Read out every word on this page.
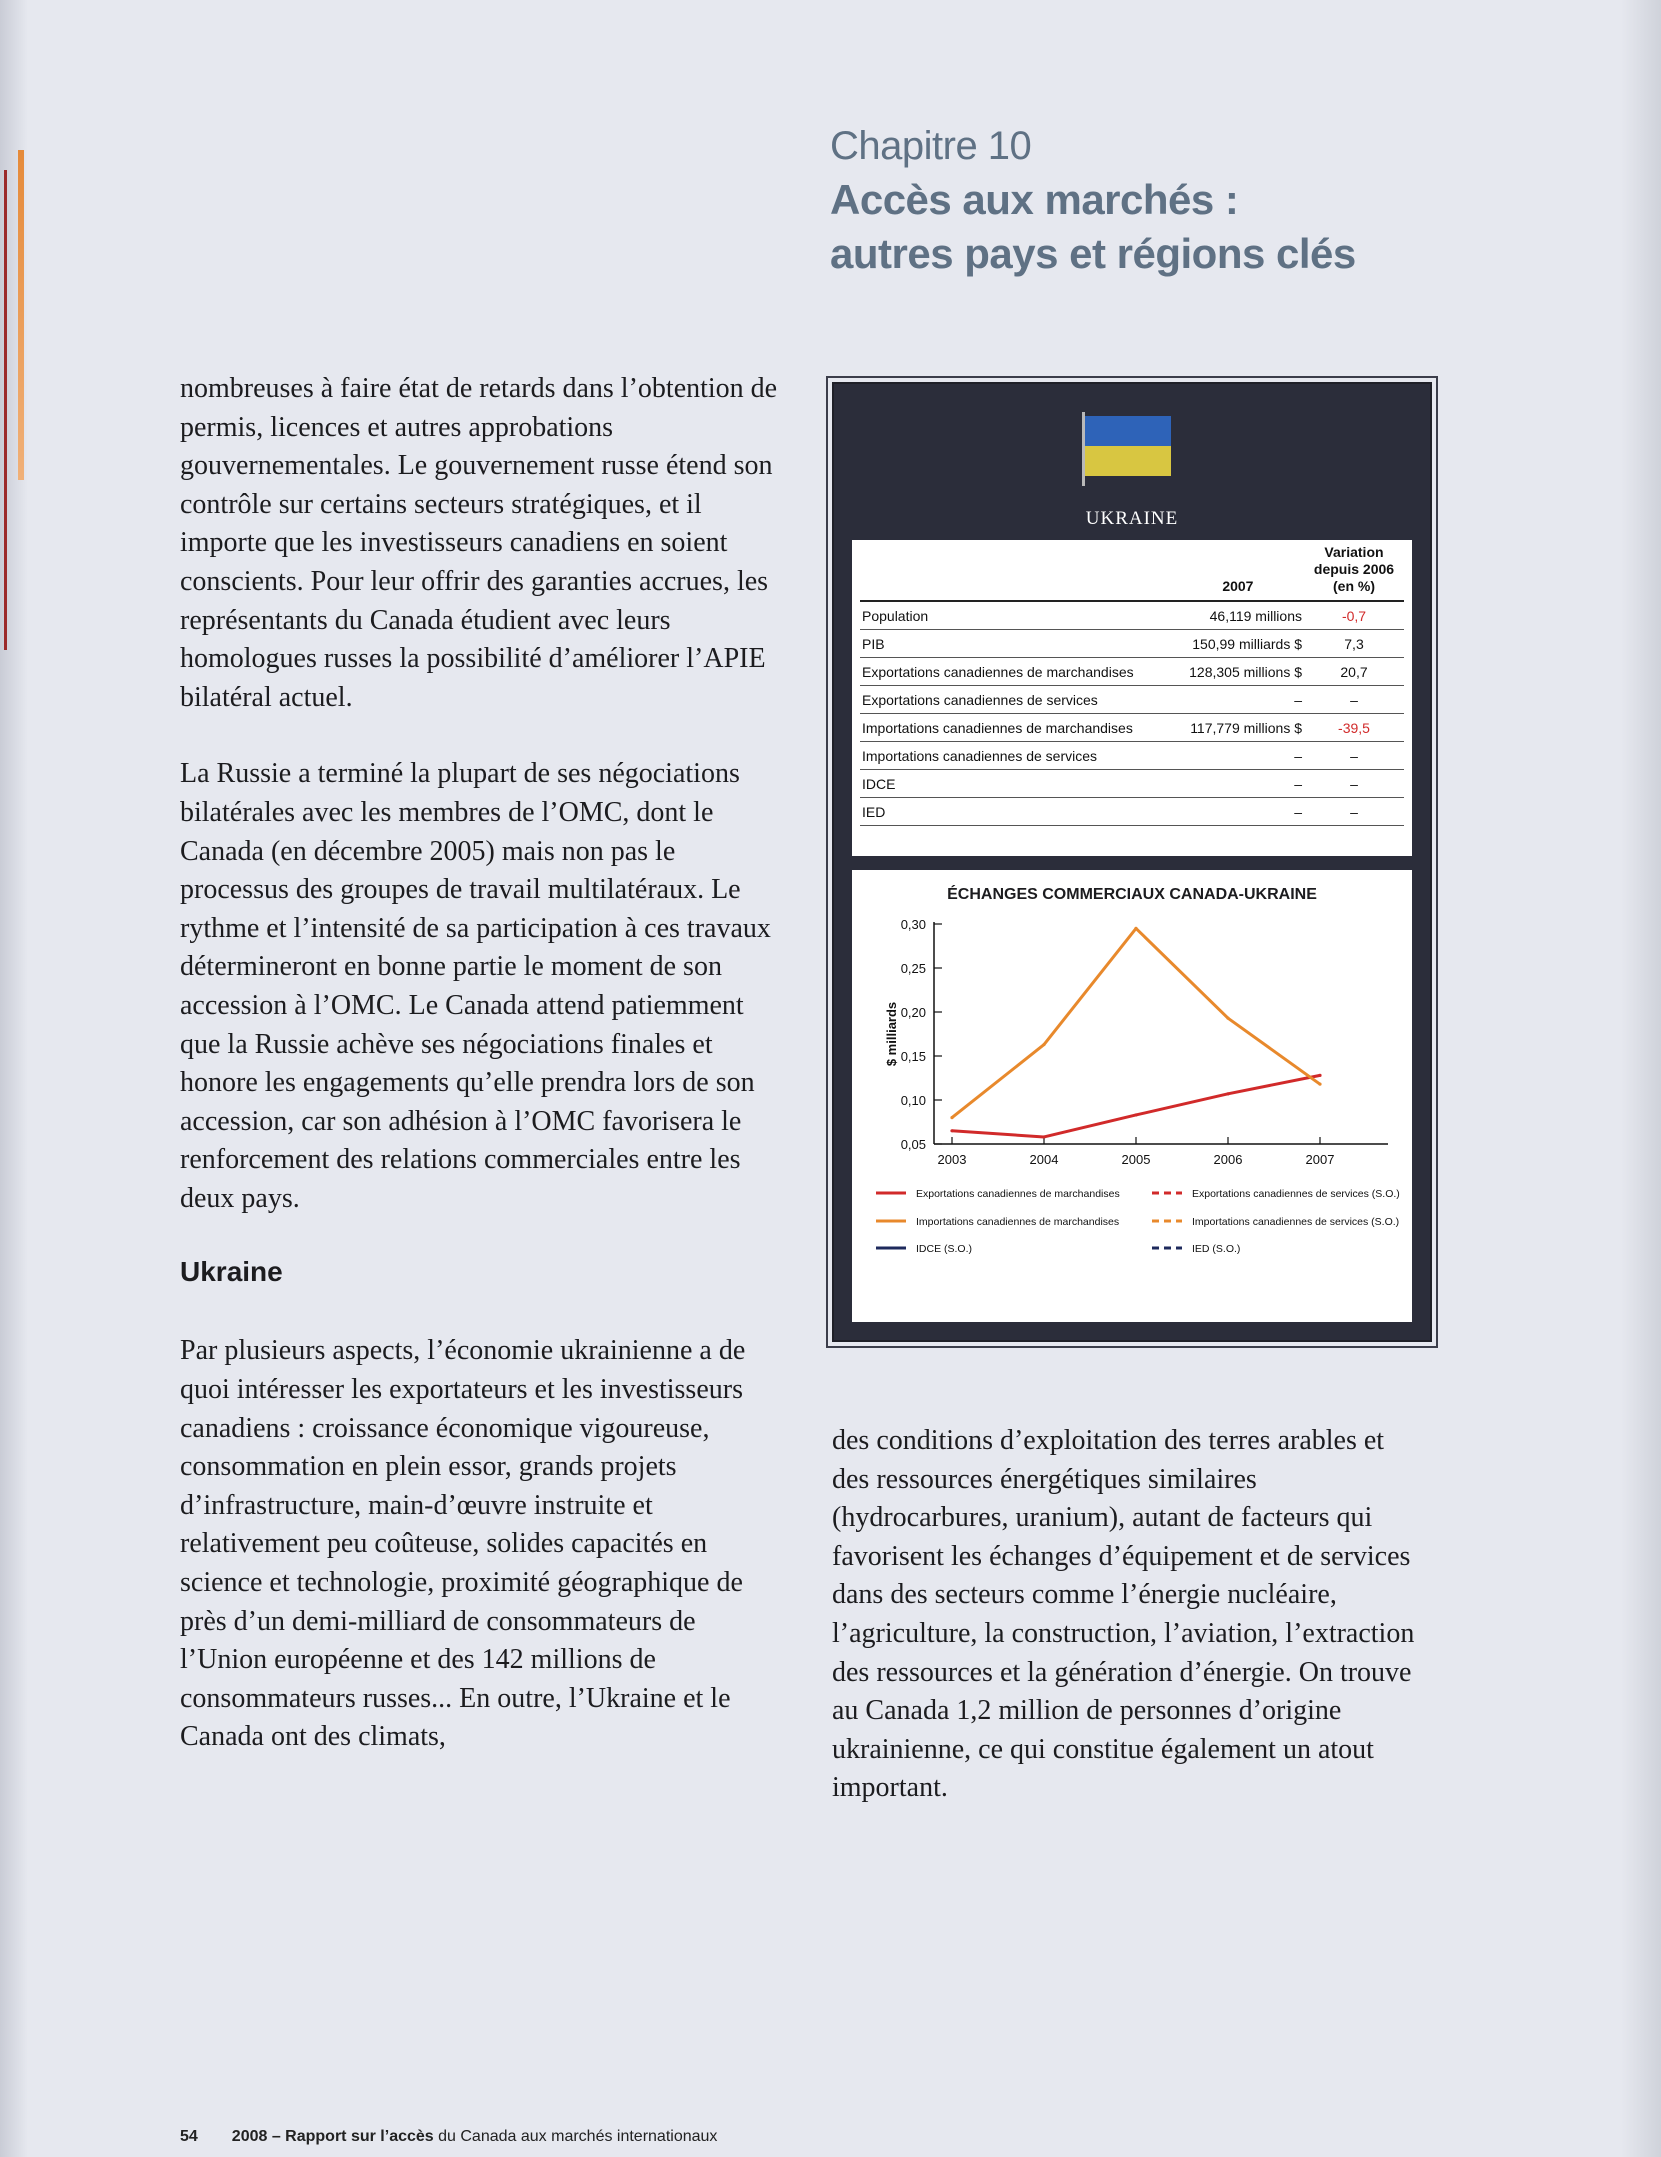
Chapitre 10
Accès aux marchés :
autres pays et régions clés

nombreuses à faire état de retards dans l’obtention de permis, licences et autres approbations gouvernementales. Le gouvernement russe étend son contrôle sur certains secteurs stratégiques, et il importe que les investisseurs canadiens en soient conscients. Pour leur offrir des garanties accrues, les représentants du Canada étudient avec leurs homologues russes la possibilité d’améliorer l’APIE bilatéral actuel.

La Russie a terminé la plupart de ses négociations bilatérales avec les membres de l’OMC, dont le Canada (en décembre 2005) mais non pas le processus des groupes de travail multilatéraux. Le rythme et l’intensité de sa participation à ces travaux détermineront en bonne partie le moment de son accession à l’OMC. Le Canada attend patiemment que la Russie achève ses négociations finales et honore les engagements qu’elle prendra lors de son accession, car son adhésion à l’OMC favorisera le renforcement des relations commerciales entre les deux pays.

Ukraine

Par plusieurs aspects, l’économie ukrainienne a de quoi intéresser les exportateurs et les investisseurs canadiens : croissance économique vigoureuse, consommation en plein essor, grands projets d’infrastructure, main-d’œuvre instruite et relativement peu coûteuse, solides capacités en science et technologie, proximité géographique de près d’un demi-milliard de consommateurs de l’Union européenne et des 142 millions de consommateurs russes... En outre, l’Ukraine et le Canada ont des climats,

UKRAINE
	2007	Variation depuis 2006 (en %)
Population	46,119 millions	-0,7
PIB	150,99 milliards $	7,3
Exportations canadiennes de marchandises	128,305 millions $	20,7
Exportations canadiennes de services	–	–
Importations canadiennes de marchandises	117,779 millions $	-39,5
Importations canadiennes de services	–	–
IDCE	–	–
IED	–	–
ÉCHANGES COMMERCIAUX CANADA-UKRAINE
0,05
0,10
0,15
0,20
0,25
0,30
2003	2004	2005	2006	2007
$ milliards
Exportations canadiennes de marchandises	Exportations canadiennes de services (S.O.)
Importations canadiennes de marchandises	Importations canadiennes de services (S.O.)
IDCE (S.O.)	IED (S.O.)

des conditions d’exploitation des terres arables et des ressources énergétiques similaires (hydrocarbures, uranium), autant de facteurs qui favorisent les échanges d’équipement et de services dans des secteurs comme l’énergie nucléaire, l’agriculture, la construction, l’aviation, l’extraction des ressources et la génération d’énergie. On trouve au Canada 1,2 million de personnes d’origine ukrainienne, ce qui constitue également un atout important.

54 2008 – Rapport sur l’accès du Canada aux marchés internationaux
